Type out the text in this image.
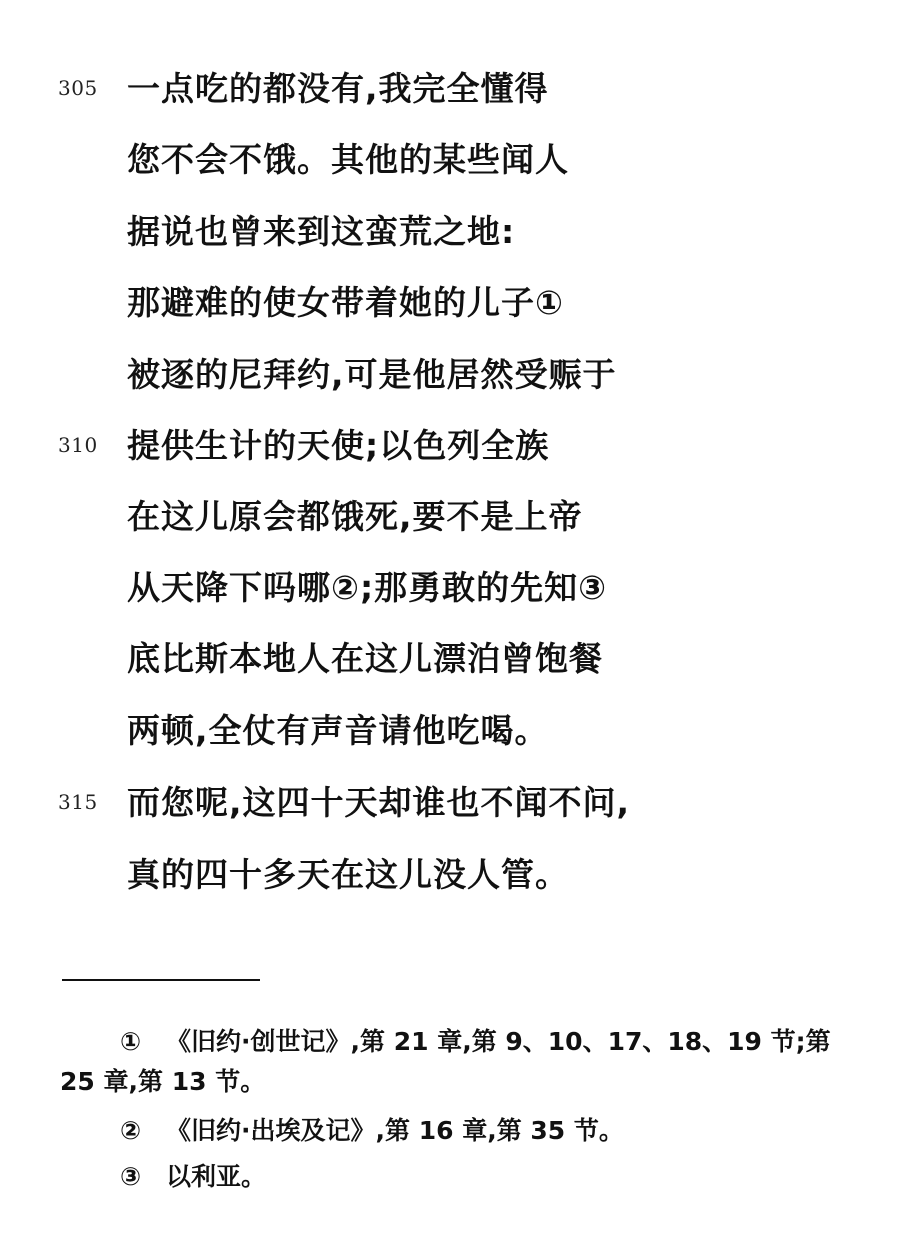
305 一点吃的都没有,我完全懂得
您不会不饿。其他的某些闻人
据说也曾来到这蛮荒之地:
那避难的使女带着她的儿子①
被逐的尼拜约,可是他居然受赈于
310 提供生计的天使;以色列全族
在这儿原会都饿死,要不是上帝
从天降下吗哪②;那勇敢的先知③
底比斯本地人在这儿漂泊曾饱餐
两顿,全仗有声音请他吃喝。
315 而您呢,这四十天却谁也不闻不问,
真的四十多天在这儿没人管。
① 《旧约·创世记》,第 21 章,第 9、10、17、18、19 节;第
25 章,第 13 节。
② 《旧约·出埃及记》,第 16 章,第 35 节。
③ 以利亚。
